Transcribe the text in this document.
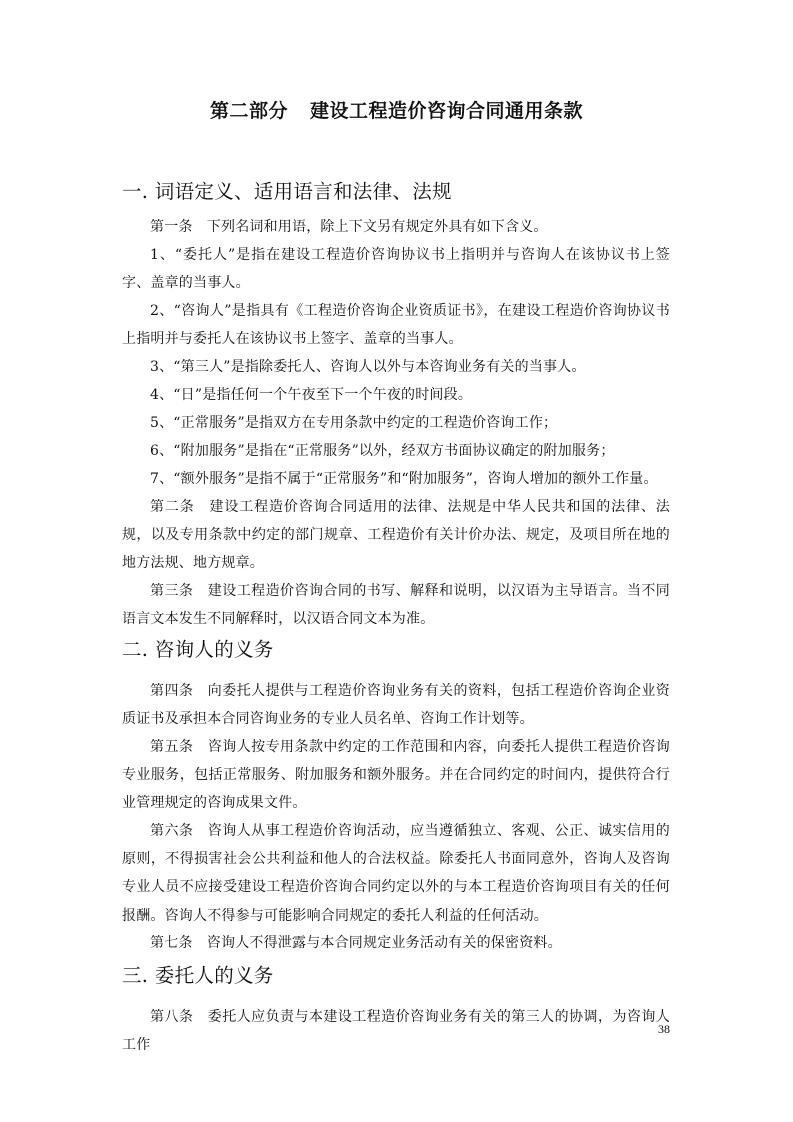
第二部分 建设工程造价咨询合同通用条款
一. 词语定义、适用语言和法律、法规

第一条　下列名词和用语，除上下文另有规定外具有如下含义。

1、“委托人”是指在建设工程造价咨询协议书上指明并与咨询人在该协议书上签字、盖章的当事人。

2、“咨询人”是指具有《工程造价咨询企业资质证书》，在建设工程造价咨询协议书上指明并与委托人在该协议书上签字、盖章的当事人。

3、“第三人”是指除委托人、咨询人以外与本咨询业务有关的当事人。

4、“日”是指任何一个午夜至下一个午夜的时间段。

5、“正常服务”是指双方在专用条款中约定的工程造价咨询工作；

6、“附加服务”是指在“正常服务”以外，经双方书面协议确定的附加服务；

7、“额外服务”是指不属于“正常服务”和“附加服务”，咨询人增加的额外工作量。

第二条　建设工程造价咨询合同适用的法律、法规是中华人民共和国的法律、法规，以及专用条款中约定的部门规章、工程造价有关计价办法、规定，及项目所在地的地方法规、地方规章。

第三条　建设工程造价咨询合同的书写、解释和说明，以汉语为主导语言。当不同语言文本发生不同解释时，以汉语合同文本为准。

二. 咨询人的义务

第四条　向委托人提供与工程造价咨询业务有关的资料，包括工程造价咨询企业资质证书及承担本合同咨询业务的专业人员名单、咨询工作计划等。

第五条　咨询人按专用条款中约定的工作范围和内容，向委托人提供工程造价咨询专业服务，包括正常服务、附加服务和额外服务。并在合同约定的时间内，提供符合行业管理规定的咨询成果文件。

第六条　咨询人从事工程造价咨询活动，应当遵循独立、客观、公正、诚实信用的原则，不得损害社会公共利益和他人的合法权益。除委托人书面同意外，咨询人及咨询专业人员不应接受建设工程造价咨询合同约定以外的与本工程造价咨询项目有关的任何报酬。咨询人不得参与可能影响合同规定的委托人利益的任何活动。

第七条　咨询人不得泄露与本合同规定业务活动有关的保密资料。

三. 委托人的义务

第八条　委托人应负责与本建设工程造价咨询业务有关的第三人的协调，为咨询人工作

38
